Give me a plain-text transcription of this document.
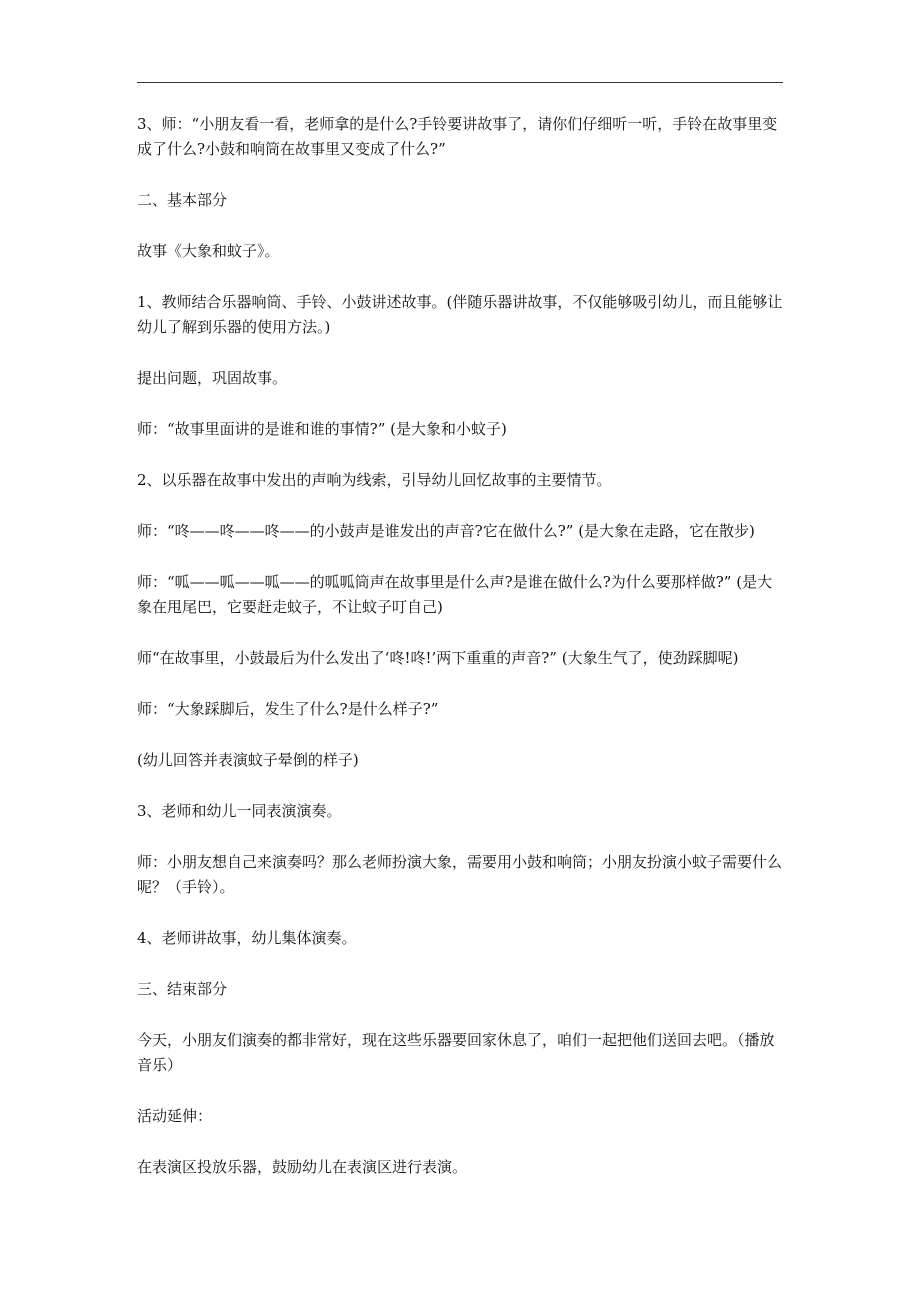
3、师：“小朋友看一看，老师拿的是什么?手铃要讲故事了，请你们仔细听一听，手铃在故事里变成了什么?小鼓和响筒在故事里又变成了什么?”

二、基本部分

故事《大象和蚊子》。

1、教师结合乐器响筒、手铃、小鼓讲述故事。(伴随乐器讲故事，不仅能够吸引幼儿，而且能够让幼儿了解到乐器的使用方法。)

提出问题，巩固故事。

师：“故事里面讲的是谁和谁的事情?” (是大象和小蚊子)

2、以乐器在故事中发出的声响为线索，引导幼儿回忆故事的主要情节。

师：“咚——咚——咚——的小鼓声是谁发出的声音?它在做什么?” (是大象在走路，它在散步)

师：“呱——呱——呱——的呱呱筒声在故事里是什么声?是谁在做什么?为什么要那样做?” (是大象在甩尾巴，它要赶走蚊子，不让蚊子叮自己)

师“在故事里，小鼓最后为什么发出了‘咚!咚!’两下重重的声音?” (大象生气了，使劲踩脚呢)

师：“大象踩脚后，发生了什么?是什么样子?”

(幼儿回答并表演蚊子晕倒的样子)

3、老师和幼儿一同表演演奏。

师：小朋友想自己来演奏吗？那么老师扮演大象，需要用小鼓和响筒；小朋友扮演小蚊子需要什么呢？（手铃）。

4、老师讲故事，幼儿集体演奏。

三、结束部分

今天，小朋友们演奏的都非常好，现在这些乐器要回家休息了，咱们一起把他们送回去吧。（播放音乐）

活动延伸：

在表演区投放乐器，鼓励幼儿在表演区进行表演。
